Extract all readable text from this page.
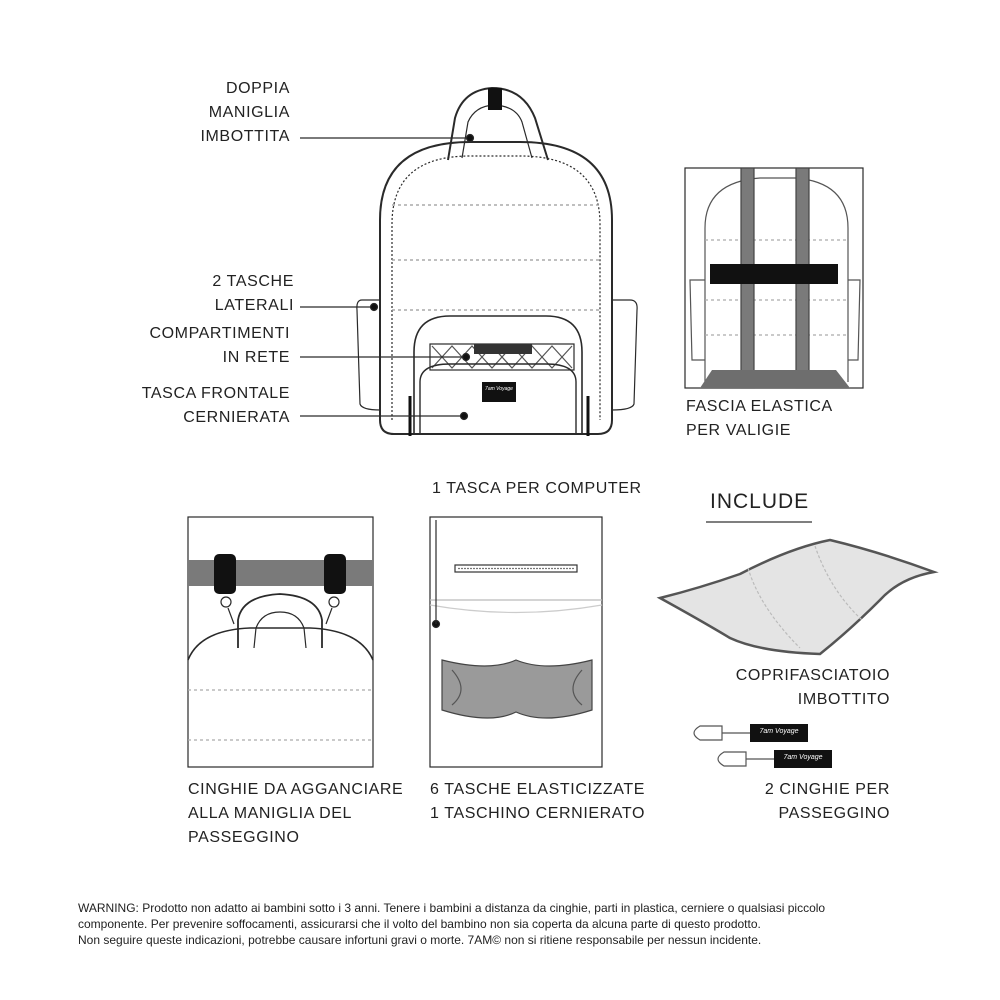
7am Voyage
7am Voyage
7am Voyage
DOPPIA
MANIGLIA
IMBOTTITA
2 TASCHE
LATERALI
COMPARTIMENTI
IN RETE
TASCA FRONTALE
CERNIERATA
FASCIA ELASTICA
PER VALIGIE
1 TASCA PER COMPUTER
INCLUDE
CINGHIE DA AGGANCIARE
ALLA MANIGLIA DEL
PASSEGGINO
6 TASCHE ELASTICIZZATE
1 TASCHINO CERNIERATO
COPRIFASCIATOIO
IMBOTTITO
2 CINGHIE PER
PASSEGGINO
WARNING: Prodotto non adatto ai bambini sotto i 3 anni. Tenere i bambini a distanza da cinghie, parti in plastica, cerniere o qualsiasi piccolo
componente. Per prevenire soffocamenti, assicurarsi che il volto del bambino non sia coperta da alcuna parte di questo prodotto.
Non seguire queste indicazioni, potrebbe causare infortuni gravi o morte. 7AM© non si ritiene responsabile per nessun incidente.
